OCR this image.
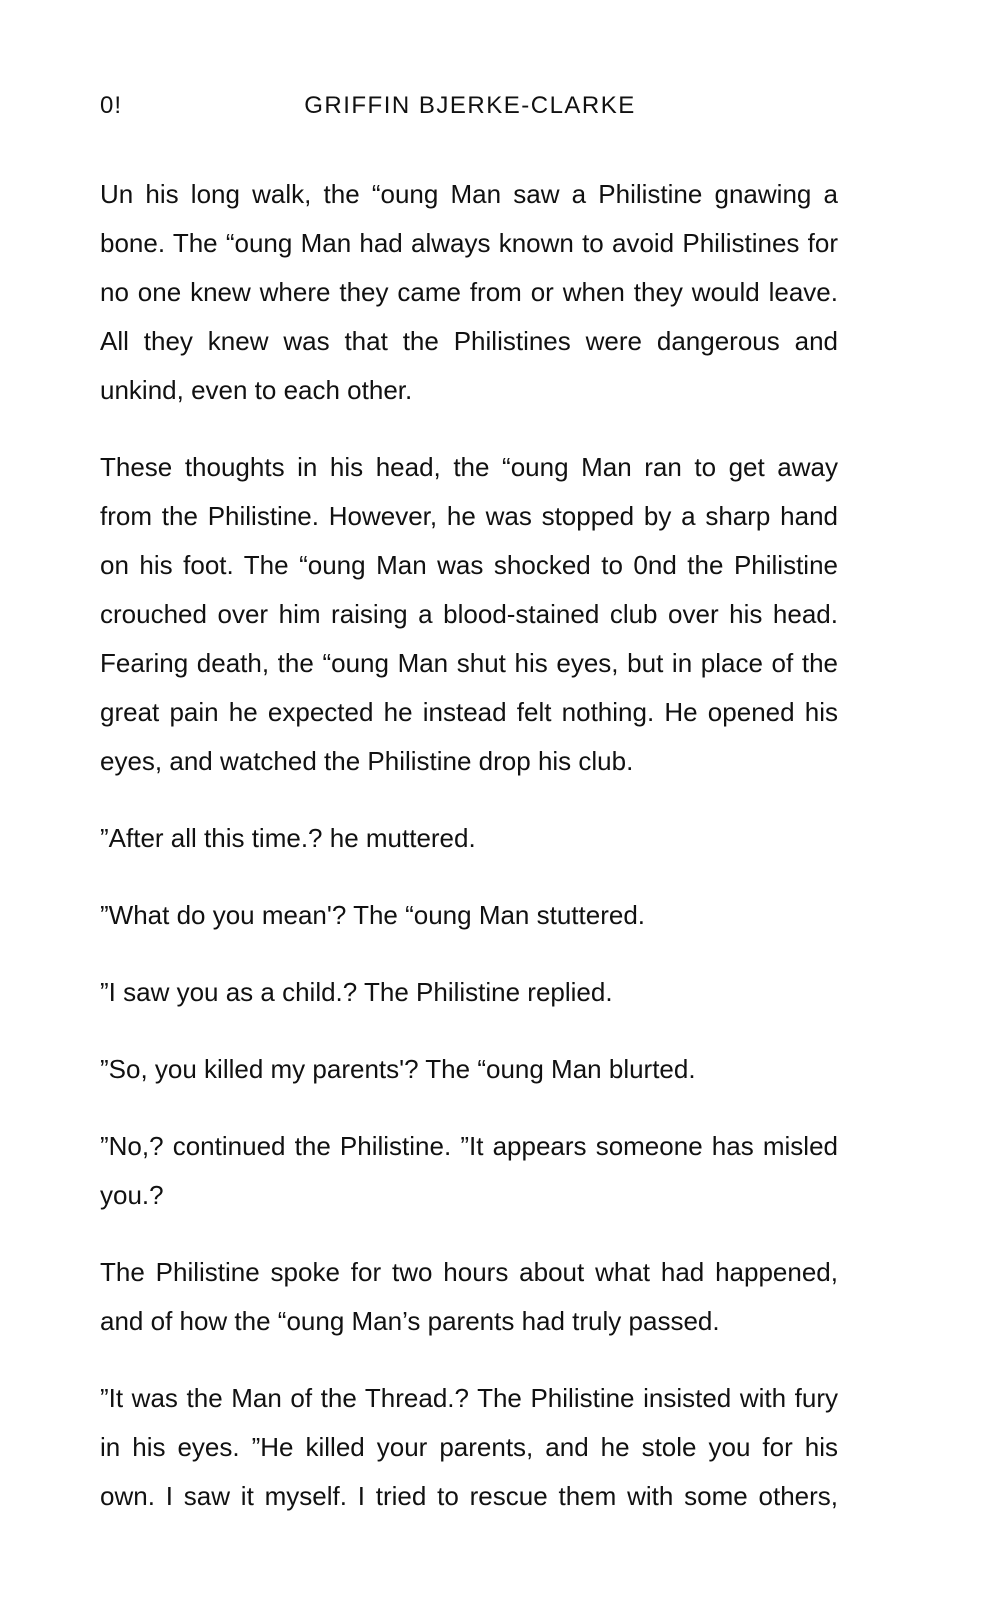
0!	GRIFFIN BJERKE-CLARKE

Un his long walk, the “oung Man saw a Philistine gnawing a bone. The “oung Man had always known to avoid Philistines for no one knew where they came from or when they would leave. All they knew was that the Philistines were dangerous and unkind, even to each other.

These thoughts in his head, the “oung Man ran to get away from the Philistine. However, he was stopped by a sharp hand on his foot. The “oung Man was shocked to 0nd the Philistine crouched over him raising a blood-stained club over his head. Fearing death, the “oung Man shut his eyes, but in place of the great pain he expected he instead felt nothing. He opened his eyes, and watched the Philistine drop his club.

”After all this time.? he muttered.

”What do you mean'? The “oung Man stuttered.

”I saw you as a child.? The Philistine replied.

”So, you killed my parents'? The “oung Man blurted.

”No,? continued the Philistine. ”It appears someone has misled you.?

The Philistine spoke for two hours about what had happened, and of how the “oung Man’s parents had truly passed.

”It was the Man of the Thread.? The Philistine insisted with fury in his eyes. ”He killed your parents, and he stole you for his own. I saw it myself. I tried to rescue them with some others,
